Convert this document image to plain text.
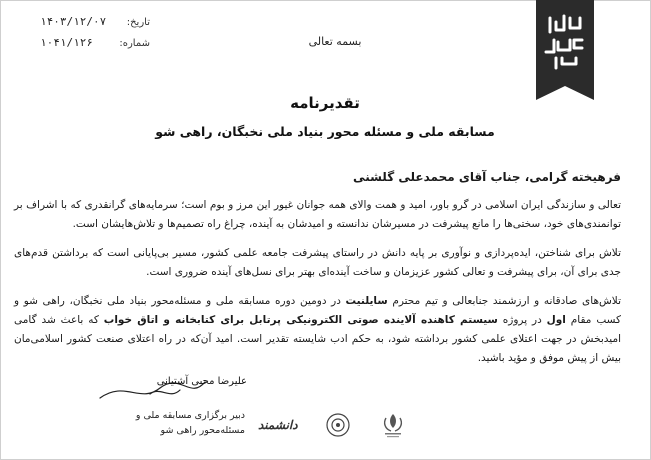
۱۴۰۳/۱۲/۰۷ تاریخ:
۱۰۴۱/۱۲۶	شماره:	بسمه تعالی
تقدیرنامه
مسابقه ملی و مسئله محور بنیاد ملی نخبگان، راهی شو

فرهیخته گرامی، جناب آقای محمدعلی گلشنی

تعالی و سازندگی ایران اسلامی در گرو باور، امید و همت والای همه جوانان غیور این مرز و بوم است؛ سرمایه‌های گرانقدری که با اشراف بر توانمندی‌های خود، سختی‌ها را مانع پیشرفت در مسیرشان ندانسته و امیدشان به آینده، چراغ راه تصمیم‌ها و تلاش‌هایشان است.

تلاش برای شناختن، ایده‌پردازی و نوآوری بر پایه دانش در راستای پیشرفت جامعه علمی کشور، مسیر بی‌پایانی است که برداشتن قدم‌های جدی برای آن، برای پیشرفت و تعالی کشور عزیزمان و ساخت آینده‌ای بهتر برای نسل‌های آینده ضروری است.

تلاش‌های صادقانه و ارزشمند جنابعالی و تیم محترم سایلنیت در دومین دوره مسابقه ملی و مسئله‌محور بنیاد ملی نخبگان، راهی شو و کسب مقام اول در پروژه سیستم کاهنده آلاینده صوتی الکترونیکی پرتابل برای کتابخانه و اتاق خواب که باعث شد گامی امیدبخش در جهت اعتلای علمی کشور برداشته شود، به حکم ادب شایسته تقدیر است. امید آن‌که در راه اعتلای صنعت کشور اسلامی‌مان بیش از پیش موفق و مؤید باشید.

علیرضا محبی آشتیانی
دبیر برگزاری مسابقه ملی و
مسئله‌محور راهی شو دانشمند
